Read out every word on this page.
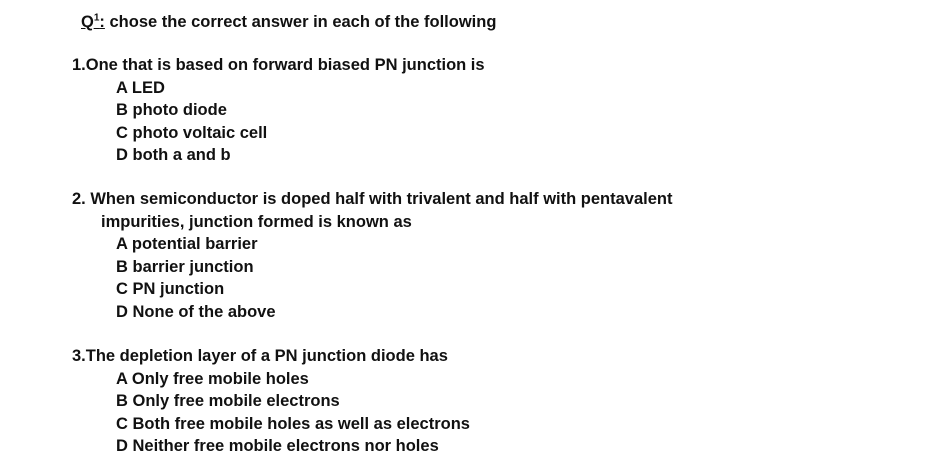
$Q^1$: chose the correct answer in each of the following
1.One that is based on forward biased PN junction is
A LED
B photo diode
C photo voltaic cell
D both a and b
2. When semiconductor is doped half with trivalent and half with pentavalent
impurities, junction formed is known as
A potential barrier
B barrier junction
C PN junction
D None of the above
3.The depletion layer of a PN junction diode has
A Only free mobile holes
B Only free mobile electrons
C Both free mobile holes as well as electrons
D Neither free mobile electrons nor holes
